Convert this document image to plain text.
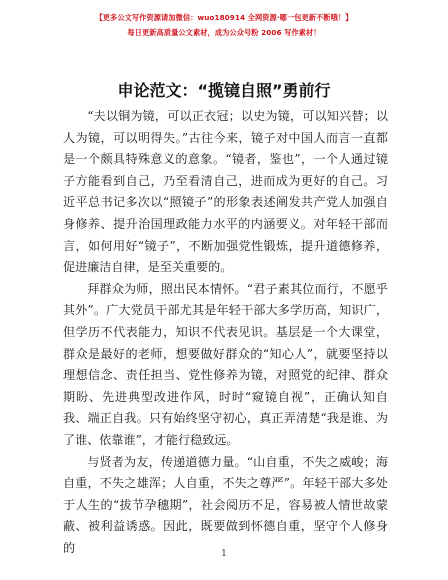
【更多公文写作资源请加微信：wuo180914 全网资源·哪一包更新不断哦！】
每日更新高质量公文素材，成为公众号粉 2006 写作素材！
申论范文：“揽镜自照”勇前行

“夫以铜为镜，可以正衣冠；以史为镜，可以知兴替；以人为镜，可以明得失。”古往今来，镜子对中国人而言一直都是一个颇具特殊意义的意象。“镜者，鉴也”，一个人通过镜子方能看到自己，乃至看清自己，进而成为更好的自己。习近平总书记多次以“照镜子”的形象表述阐发共产党人加强自身修养、提升治国理政能力水平的内涵要义。对年轻干部而言，如何用好“镜子”，不断加强党性锻炼，提升道德修养，促进廉洁自律，是至关重要的。

拜群众为师，照出民本情怀。“君子素其位而行，不愿乎其外”。广大党员干部尤其是年轻干部大多学历高，知识广，但学历不代表能力，知识不代表见识。基层是一个大课堂，群众是最好的老师，想要做好群众的“知心人”，就要坚持以理想信念、责任担当、党性修养为镜，对照党的纪律、群众期盼、先进典型改进作风，时时“窥镜自视”，正确认知自我、端正自我。只有始终坚守初心，真正弄清楚“我是谁、为了谁、依靠谁”，才能行稳致远。

与贤者为友，传递道德力量。“山自重，不失之威峻；海自重，不失之雄浑；人自重，不失之尊严”。年轻干部大多处于人生的“拔节孕穗期”，社会阅历不足，容易被人情世故蒙蔽、被利益诱惑。因此，既要做到怀德自重，坚守个人修身的	1
